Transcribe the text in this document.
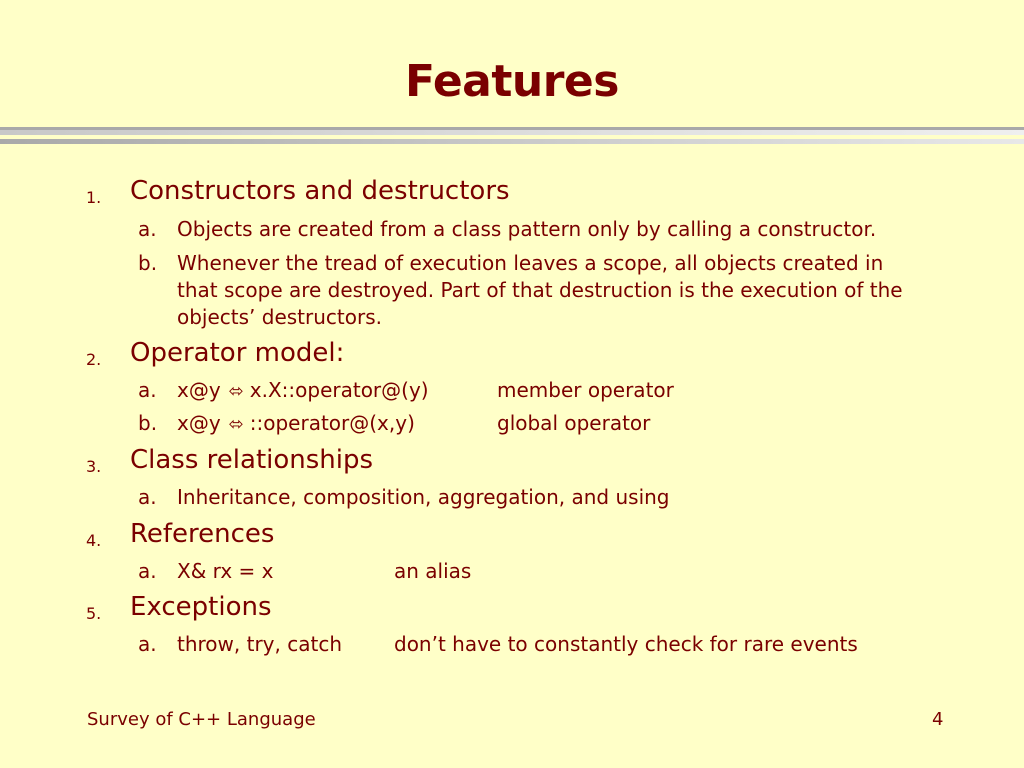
Features
1. Constructors and destructors
a. Objects are created from a class pattern only by calling a constructor.
b. Whenever the tread of execution leaves a scope, all objects created in
that scope are destroyed. Part of that destruction is the execution of the
objects’ destructors.
2. Operator model:
a. x@y ⬄ x.X::operator@(y)	member operator
b. x@y ⬄ ::operator@(x,y)	global operator
3. Class relationships
a. Inheritance, composition, aggregation, and using
4. References
a. X& rx = x	an alias
5. Exceptions
a. throw, try, catch	don’t have to constantly check for rare events
Survey of C++ Language	4
